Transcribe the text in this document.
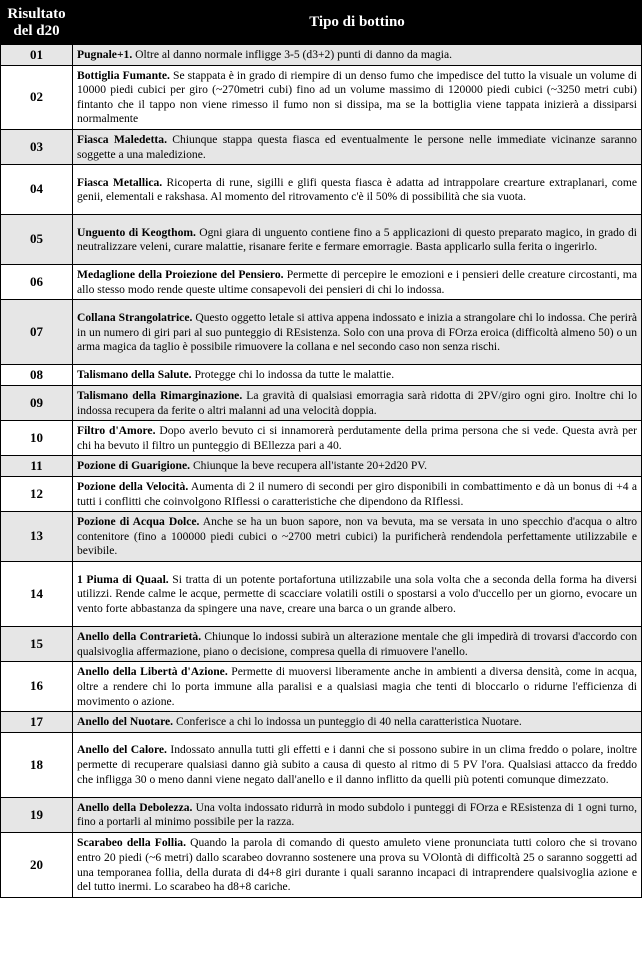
Risultato del d20	Tipo di bottino
01	Pugnale+1. Oltre al danno normale infligge 3-5 (d3+2) punti di danno da magia.
02	Bottiglia Fumante. Se stappata è in grado di riempire di un denso fumo che impedisce del tutto la visuale un volume di 10000 piedi cubici per giro (~270metri cubi) fino ad un volume massimo di 120000 piedi cubici (~3250 metri cubi) fintanto che il tappo non viene rimesso il fumo non si dissipa, ma se la bottiglia viene tappata inizierà a dissiparsi normalmente
03	Fiasca Maledetta. Chiunque stappa questa fiasca ed eventualmente le persone nelle immediate vicinanze saranno soggette a una maledizione.
04	Fiasca Metallica. Ricoperta di rune, sigilli e glifi questa fiasca è adatta ad intrappolare crearture extraplanari, come genii, elementali e rakshasa. Al momento del ritrovamento c'è il 50% di possibilità che sia vuota.
05	Unguento di Keogthom. Ogni giara di unguento contiene fino a 5 applicazioni di questo preparato magico, in grado di neutralizzare veleni, curare malattie, risanare ferite e fermare emorragie. Basta applicarlo sulla ferita o ingerirlo.
06	Medaglione della Proiezione del Pensiero. Permette di percepire le emozioni e i pensieri delle creature circostanti, ma allo stesso modo rende queste ultime consapevoli dei pensieri di chi lo indossa.
07	Collana Strangolatrice. Questo oggetto letale si attiva appena indossato e inizia a strangolare chi lo indossa. Che perirà in un numero di giri pari al suo punteggio di REsistenza. Solo con una prova di FOrza eroica (difficoltà almeno 50) o un arma magica da taglio è possibile rimuovere la collana e nel secondo caso non senza rischi.
08	Talismano della Salute. Protegge chi lo indossa da tutte le malattie.
09	Talismano della Rimarginazione. La gravità di qualsiasi emorragia sarà ridotta di 2PV/giro ogni giro. Inoltre chi lo indossa recupera da ferite o altri malanni ad una velocità doppia.
10	Filtro d'Amore. Dopo averlo bevuto ci si innamorerà perdutamente della prima persona che si vede. Questa avrà per chi ha bevuto il filtro un punteggio di BEllezza pari a 40.
11	Pozione di Guarigione. Chiunque la beve recupera all'istante 20+2d20 PV.
12	Pozione della Velocità. Aumenta di 2 il numero di secondi per giro disponibili in combattimento e dà un bonus di +4 a tutti i conflitti che coinvolgono RIflessi o caratteristiche che dipendono da RIflessi.
13	Pozione di Acqua Dolce. Anche se ha un buon sapore, non va bevuta, ma se versata in uno specchio d'acqua o altro contenitore (fino a 100000 piedi cubici o ~2700 metri cubici) la purificherà rendendola perfettamente utilizzabile e bevibile.
14	1 Piuma di Quaal. Si tratta di un potente portafortuna utilizzabile una sola volta che a seconda della forma ha diversi utilizzi. Rende calme le acque, permette di scacciare volatili ostili o spostarsi a volo d'uccello per un giorno, evocare un vento forte abbastanza da spingere una nave, creare una barca o un grande albero.
15	Anello della Contrarietà. Chiunque lo indossi subirà un alterazione mentale che gli impedirà di trovarsi d'accordo con qualsivoglia affermazione, piano o decisione, compresa quella di rimuovere l'anello.
16	Anello della Libertà d'Azione. Permette di muoversi liberamente anche in ambienti a diversa densità, come in acqua, oltre a rendere chi lo porta immune alla paralisi e a qualsiasi magia che tenti di bloccarlo o ridurne l'efficienza di movimento o azione.
17	Anello del Nuotare. Conferisce a chi lo indossa un punteggio di 40 nella caratteristica Nuotare.
18	Anello del Calore. Indossato annulla tutti gli effetti e i danni che si possono subire in un clima freddo o polare, inoltre permette di recuperare qualsiasi danno già subito a causa di questo al ritmo di 5 PV l'ora. Qualsiasi attacco da freddo che infligga 30 o meno danni viene negato dall'anello e il danno inflitto da quelli più potenti comunque dimezzato.
19	Anello della Debolezza. Una volta indossato ridurrà in modo subdolo i punteggi di FOrza e REsistenza di 1 ogni turno, fino a portarli al minimo possibile per la razza.
20	Scarabeo della Follia. Quando la parola di comando di questo amuleto viene pronunciata tutti coloro che si trovano entro 20 piedi (~6 metri) dallo scarabeo dovranno sostenere una prova su VOlontà di difficoltà 25 o saranno soggetti ad una temporanea follia, della durata di d4+8 giri durante i quali saranno incapaci di intraprendere qualsivoglia azione e del tutto inermi. Lo scarabeo ha d8+8 cariche.
